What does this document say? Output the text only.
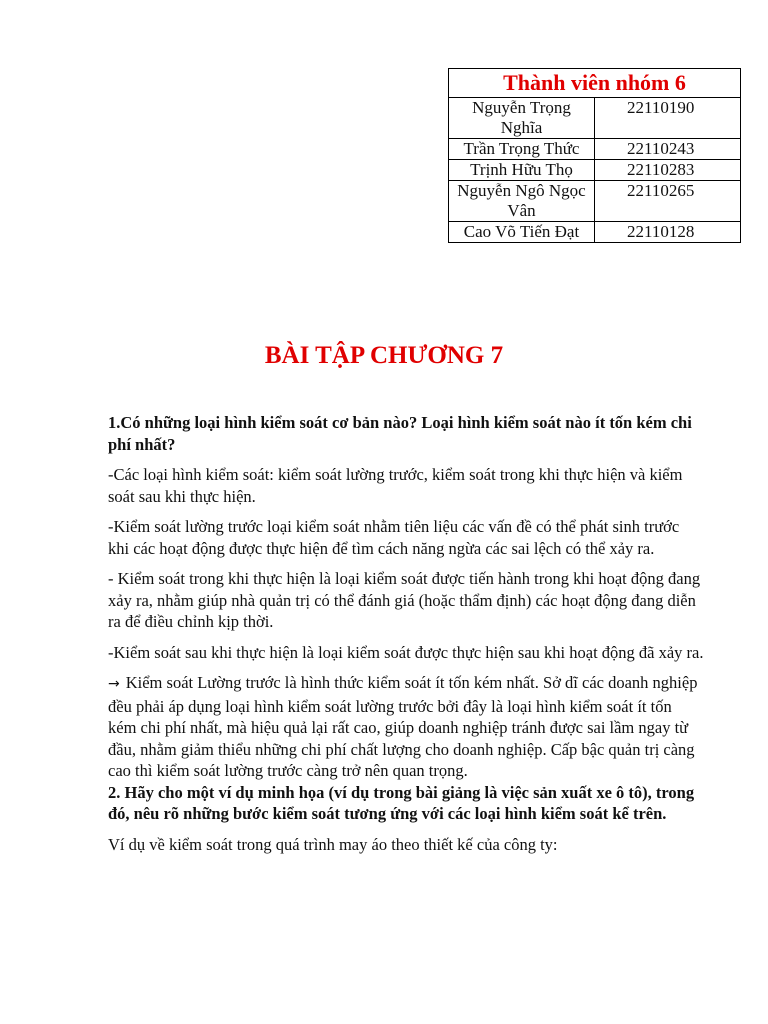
Thành viên nhóm 6	
Nguyễn Trọng Nghĩa	22110190
Trần Trọng Thức	22110243
Trịnh Hữu Thọ	22110283
Nguyễn Ngô Ngọc Vân	22110265
Cao Võ Tiến Đạt	22110128
BÀI TẬP CHƯƠNG 7

1.Có những loại hình kiểm soát cơ bản nào? Loại hình kiểm soát nào ít tốn kém chi phí nhất?

-Các loại hình kiểm soát: kiểm soát lường trước, kiểm soát trong khi thực hiện và kiểm soát sau khi thực hiện.

-Kiểm soát lường trước loại kiểm soát nhằm tiên liệu các vấn đề có thể phát sinh trước khi các hoạt động được thực hiện để tìm cách năng ngừa các sai lệch có thể xảy ra.

- Kiểm soát trong khi thực hiện là loại kiểm soát được tiến hành trong khi hoạt động đang xảy ra, nhằm giúp nhà quản trị có thể đánh giá (hoặc thẩm định) các hoạt động đang diễn ra để điều chỉnh kịp thời.

-Kiểm soát sau khi thực hiện là loại kiểm soát được thực hiện sau khi hoạt động đã xảy ra.

→ Kiểm soát Lường trước là hình thức kiểm soát ít tốn kém nhất. Sở dĩ các doanh nghiệp đều phải áp dụng loại hình kiểm soát lường trước bởi đây là loại hình kiểm soát ít tốn kém chi phí nhất, mà hiệu quả lại rất cao, giúp doanh nghiệp tránh được sai lầm ngay từ đầu, nhằm giảm thiểu những chi phí chất lượng cho doanh nghiệp. Cấp bậc quản trị càng cao thì kiểm soát lường trước càng trở nên quan trọng.

2. Hãy cho một ví dụ minh họa (ví dụ trong bài giảng là việc sản xuất xe ô tô), trong đó, nêu rõ những bước kiểm soát tương ứng với các loại hình kiểm soát kể trên.

Ví dụ về kiểm soát trong quá trình may áo theo thiết kế của công ty:
